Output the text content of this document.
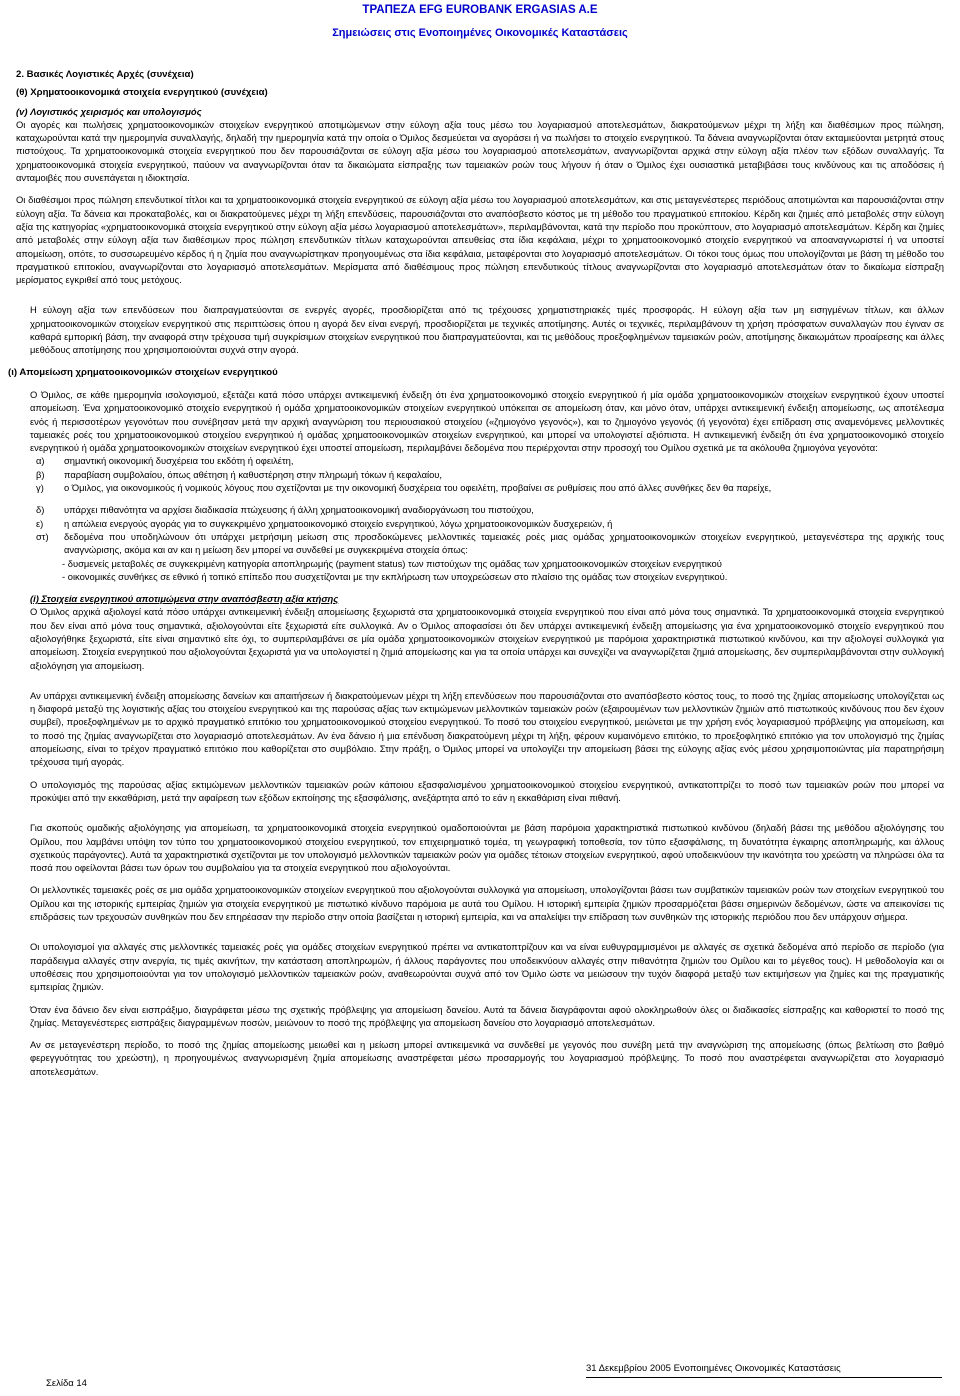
ΤΡΑΠΕΖΑ EFG EUROBANK ERGASIAS A.E
Σημειώσεις στις Ενοποιημένες Οικονομικές Καταστάσεις
2. Βασικές Λογιστικές Αρχές (συνέχεια)
(θ) Χρηματοοικονομικά στοιχεία ενεργητικού (συνέχεια)
(v) Λογιστικός χειρισμός και υπολογισμός

Οι αγορές και πωλήσεις χρηματοοικονομικών στοιχείων ενεργητικού αποτιμώμενων στην εύλογη αξία τους μέσω του λογαριασμού αποτελεσμάτων, διακρατούμενων μέχρι τη λήξη και διαθέσιμων προς πώληση, καταχωρούνται κατά την ημερομηνία συναλλαγής, δηλαδή την ημερομηνία κατά την οποία ο Όμιλος δεσμεύεται να αγοράσει ή να πωλήσει το στοιχείο ενεργητικού. Τα δάνεια αναγνωρίζονται όταν εκταμιεύονται μετρητά στους πιστούχους. Τα χρηματοοικονομικά στοιχεία ενεργητικού που δεν παρουσιάζονται σε εύλογη αξία μέσω του λογαριασμού αποτελεσμάτων, αναγνωρίζονται αρχικά στην εύλογη αξία πλέον των εξόδων συναλλαγής. Τα χρηματοοικονομικά στοιχεία ενεργητικού, παύουν να αναγνωρίζονται όταν τα δικαιώματα είσπραξης των ταμειακών ροών τους λήγουν ή όταν ο Όμιλος έχει ουσιαστικά μεταβιβάσει τους κινδύνους και τις αποδόσεις ή ανταμοιβές που συνεπάγεται η ιδιοκτησία.

Οι διαθέσιμοι προς πώληση επενδυτικοί τίτλοι και τα χρηματοοικονομικά στοιχεία ενεργητικού σε εύλογη αξία μέσω του λογαριασμού αποτελεσμάτων, και στις μεταγενέστερες περιόδους αποτιμώνται και παρουσιάζονται στην εύλογη αξία. Τα δάνεια και προκαταβολές, και οι διακρατούμενες μέχρι τη λήξη επενδύσεις, παρουσιάζονται στο αναπόσβεστο κόστος με τη μέθοδο του πραγματικού επιτοκίου. Κέρδη και ζημιές από μεταβολές στην εύλογη αξία της κατηγορίας «χρηματοοικονομικά στοιχεία ενεργητικού στην εύλογη αξία μέσω λογαριασμού αποτελεσμάτων», περιλαμβάνονται, κατά την περίοδο που προκύπτουν, στο λογαριασμό αποτελεσμάτων. Κέρδη και ζημίες από μεταβολές στην εύλογη αξία των διαθέσιμων προς πώληση επενδυτικών τίτλων καταχωρούνται απευθείας στα ίδια κεφάλαια, μέχρι το χρηματοοικονομικό στοιχείο ενεργητικού να αποαναγνωριστεί ή να υποστεί απομείωση, οπότε, το συσσωρευμένο κέρδος ή η ζημία που αναγνωρίστηκαν προηγουμένως στα ίδια κεφάλαια, μεταφέρονται στο λογαριασμό αποτελεσμάτων. Οι τόκοι τους όμως που υπολογίζονται με βάση τη μέθοδο του πραγματικού επιτοκίου, αναγνωρίζονται στο λογαριασμό αποτελεσμάτων. Μερίσματα από διαθέσιμους προς πώληση επενδυτικούς τίτλους αναγνωρίζονται στο λογαριασμό αποτελεσμάτων όταν το δικαίωμα είσπραξη μερίσματος εγκριθεί από τους μετόχους.

Η εύλογη αξία των επενδύσεων που διαπραγματεύονται σε ενεργές αγορές, προσδιορίζεται από τις τρέχουσες χρηματιστηριακές τιμές προσφοράς. Η εύλογη αξία των μη εισηγμένων τίτλων, και άλλων χρηματοοικονομικών στοιχείων ενεργητικού στις περιπτώσεις όπου η αγορά δεν είναι ενεργή, προσδιορίζεται με τεχνικές αποτίμησης. Αυτές οι τεχνικές, περιλαμβάνουν τη χρήση πρόσφατων συναλλαγών που έγιναν σε καθαρά εμπορική βάση, την αναφορά στην τρέχουσα τιμή συγκρίσιμων στοιχείων ενεργητικού που διαπραγματεύονται, και τις μεθόδους προεξοφλημένων ταμειακών ροών, αποτίμησης δικαιωμάτων προαίρεσης και άλλες μεθόδους αποτίμησης που χρησιμοποιούνται συχνά στην αγορά.

(ι) Απομείωση χρηματοοικονομικών στοιχείων ενεργητικού

Ο Όμιλος, σε κάθε ημερομηνία ισολογισμού, εξετάζει κατά πόσο υπάρχει αντικειμενική ένδειξη ότι ένα χρηματοοικονομικό στοιχείο ενεργητικού ή μία ομάδα χρηματοοικονομικών στοιχείων ενεργητικού έχουν υποστεί απομείωση. Ένα χρηματοοικονομικό στοιχείο ενεργητικού ή ομάδα χρηματοοικονομικών στοιχείων ενεργητικού υπόκειται σε απομείωση όταν, και μόνο όταν, υπάρχει αντικειμενική ένδειξη απομείωσης, ως αποτέλεσμα ενός ή περισσοτέρων γεγονότων που συνέβησαν μετά την αρχική αναγνώριση του περιουσιακού στοιχείου («ζημιογόνο γεγονός»), και το ζημιογόνο γεγονός (ή γεγονότα) έχει επίδραση στις αναμενόμενες μελλοντικές ταμειακές ροές του χρηματοοικονομικού στοιχείου ενεργητικού ή ομάδας χρηματοοικονομικών στοιχείων ενεργητικού, και μπορεί να υπολογιστεί αξιόπιστα. Η αντικειμενική ένδειξη ότι ένα χρηματοοικονομικό στοιχείο ενεργητικού ή ομάδα χρηματοοικονομικών στοιχείων ενεργητικού έχει υποστεί απομείωση, περιλαμβάνει δεδομένα που περιέρχονται στην προσοχή του Ομίλου σχετικά με τα ακόλουθα ζημιογόνα γεγονότα:

α)	σημαντική οικονομική δυσχέρεια του εκδότη ή οφειλέτη,
β)	παραβίαση συμβολαίου, όπως αθέτηση ή καθυστέρηση στην πληρωμή τόκων ή κεφαλαίου,
γ)	ο Όμιλος, για οικονομικούς ή νομικούς λόγους που σχετίζονται με την οικονομική δυσχέρεια του οφειλέτη, προβαίνει σε ρυθμίσεις που από άλλες συνθήκες δεν θα παρείχε,
δ)	υπάρχει πιθανότητα να αρχίσει διαδικασία πτώχευσης ή άλλη χρηματοοικονομική αναδιοργάνωση του πιστούχου,
ε)	η απώλεια ενεργούς αγοράς για το συγκεκριμένο χρηματοοικονομικό στοιχείο ενεργητικού, λόγω χρηματοοικονομικών δυσχερειών, ή
στ)	δεδομένα που υποδηλώνουν ότι υπάρχει μετρήσιμη μείωση στις προσδοκώμενες μελλοντικές ταμειακές ροές μιας ομάδας χρηματοοικονομικών στοιχείων ενεργητικού, μεταγενέστερα της αρχικής τους αναγνώρισης, ακόμα και αν και η μείωση δεν μπορεί να συνδεθεί με συγκεκριμένα στοιχεία όπως:
- δυσμενείς μεταβολές σε συγκεκριμένη κατηγορία αποπληρωμής (payment status) των πιστούχων της ομάδας των χρηματοοικονομικών στοιχείων ενεργητικού
- οικονομικές συνθήκες σε εθνικό ή τοπικό επίπεδο που συσχετίζονται με την εκπλήρωση των υποχρεώσεων στο πλαίσιο της ομάδας των στοιχείων ενεργητικού.
(i) Στοιχεία ενεργητικού αποτιμώμενα στην αναπόσβεστη αξία κτήσης

Ο Όμιλος αρχικά αξιολογεί κατά πόσο υπάρχει αντικειμενική ένδειξη απομείωσης ξεχωριστά στα χρηματοοικονομικά στοιχεία ενεργητικού που είναι από μόνα τους σημαντικά. Τα χρηματοοικονομικά στοιχεία ενεργητικού που δεν είναι από μόνα τους σημαντικά, αξιολογούνται είτε ξεχωριστά είτε συλλογικά. Αν ο Όμιλος αποφασίσει ότι δεν υπάρχει αντικειμενική ένδειξη απομείωσης για ένα χρηματοοικονομικό στοιχείο ενεργητικού που αξιολογήθηκε ξεχωριστά, είτε είναι σημαντικό είτε όχι, το συμπεριλαμβάνει σε μία ομάδα χρηματοοικονομικών στοιχείων ενεργητικού με παρόμοια χαρακτηριστικά πιστωτικού κινδύνου, και την αξιολογεί συλλογικά για απομείωση. Στοιχεία ενεργητικού που αξιολογούνται ξεχωριστά για να υπολογιστεί η ζημιά απομείωσης και για τα οποία υπάρχει και συνεχίζει να αναγνωρίζεται ζημιά απομείωσης, δεν συμπεριλαμβάνονται στην συλλογική αξιολόγηση για απομείωση.

Αν υπάρχει αντικειμενική ένδειξη απομείωσης δανείων και απαιτήσεων ή διακρατούμενων μέχρι τη λήξη επενδύσεων που παρουσιάζονται στο αναπόσβεστο κόστος τους, το ποσό της ζημίας απομείωσης υπολογίζεται ως η διαφορά μεταξύ της λογιστικής αξίας του στοιχείου ενεργητικού και της παρούσας αξίας των εκτιμώμενων μελλοντικών ταμειακών ροών (εξαιρουμένων των μελλοντικών ζημιών από πιστωτικούς κινδύνους που δεν έχουν συμβεί), προεξοφλημένων με το αρχικό πραγματικό επιτόκιο του χρηματοοικονομικού στοιχείου ενεργητικού. Το ποσό του στοιχείου ενεργητικού, μειώνεται με την χρήση ενός λογαριασμού πρόβλεψης για απομείωση, και το ποσό της ζημίας αναγνωρίζεται στο λογαριασμό αποτελεσμάτων. Αν ένα δάνειο ή μια επένδυση διακρατούμενη μέχρι τη λήξη, φέρουν κυμαινόμενο επιτόκιο, το προεξοφλητικό επιτόκιο για τον υπολογισμό της ζημίας απομείωσης, είναι το τρέχον πραγματικό επιτόκιο που καθορίζεται στο συμβόλαιο. Στην πράξη, ο Όμιλος μπορεί να υπολογίζει την απομείωση βάσει της εύλογης αξίας ενός μέσου χρησιμοποιώντας μία παρατηρήσιμη τρέχουσα τιμή αγοράς.

Ο υπολογισμός της παρούσας αξίας εκτιμώμενων μελλοντικών ταμειακών ροών κάποιου εξασφαλισμένου χρηματοοικονομικού στοιχείου ενεργητικού, αντικατοπτρίζει το ποσό των ταμειακών ροών που μπορεί να προκύψει από την εκκαθάριση, μετά την αφαίρεση των εξόδων εκποίησης της εξασφάλισης, ανεξάρτητα από το εάν η εκκαθάριση είναι πιθανή.

Για σκοπούς ομαδικής αξιολόγησης για απομείωση, τα χρηματοοικονομικά στοιχεία ενεργητικού ομαδοποιούνται με βάση παρόμοια χαρακτηριστικά πιστωτικού κινδύνου (δηλαδή βάσει της μεθόδου αξιολόγησης του Ομίλου, που λαμβάνει υπόψη τον τύπο του χρηματοοικονομικού στοιχείου ενεργητικού, τον επιχειρηματικό τομέα, τη γεωγραφική τοποθεσία, τον τύπο εξασφάλισης, τη δυνατότητα έγκαιρης αποπληρωμής, και άλλους σχετικούς παράγοντες). Αυτά τα χαρακτηριστικά σχετίζονται με τον υπολογισμό μελλοντικών ταμειακών ροών για ομάδες τέτοιων στοιχείων ενεργητικού, αφού υποδεικνύουν την ικανότητα του χρεώστη να πληρώσει όλα τα ποσά που οφείλονται βάσει των όρων του συμβολαίου για τα στοιχεία ενεργητικού που αξιολογούνται.

Οι μελλοντικές ταμειακές ροές σε μια ομάδα χρηματοοικονομικών στοιχείων ενεργητικού που αξιολογούνται συλλογικά για απομείωση, υπολογίζονται βάσει των συμβατικών ταμειακών ροών των στοιχείων ενεργητικού του Ομίλου και της ιστορικής εμπειρίας ζημιών για στοιχεία ενεργητικού με πιστωτικό κίνδυνο παρόμοια με αυτά του Ομίλου. Η ιστορική εμπειρία ζημιών προσαρμόζεται βάσει σημερινών δεδομένων, ώστε να απεικονίσει τις επιδράσεις των τρεχουσών συνθηκών που δεν επηρέασαν την περίοδο στην οποία βασίζεται η ιστορική εμπειρία, και να απαλείψει την επίδραση των συνθηκών της ιστορικής περιόδου που δεν υπάρχουν σήμερα.

Οι υπολογισμοί για αλλαγές στις μελλοντικές ταμειακές ροές για ομάδες στοιχείων ενεργητικού πρέπει να αντικατοπτρίζουν και να είναι ευθυγραμμισμένοι με αλλαγές σε σχετικά δεδομένα από περίοδο σε περίοδο (για παράδειγμα αλλαγές στην ανεργία, τις τιμές ακινήτων, την κατάσταση αποπληρωμών, ή άλλους παράγοντες που υποδεικνύουν αλλαγές στην πιθανότητα ζημιών του Ομίλου και το μέγεθος τους). Η μεθοδολογία και οι υποθέσεις που χρησιμοποιούνται για τον υπολογισμό μελλοντικών ταμειακών ροών, αναθεωρούνται συχνά από τον Όμιλο ώστε να μειώσουν την τυχόν διαφορά μεταξύ των εκτιμήσεων για ζημίες και της πραγματικής εμπειρίας ζημιών.

Όταν ένα δάνειο δεν είναι εισπράξιμο, διαγράφεται μέσω της σχετικής πρόβλεψης για απομείωση δανείου. Αυτά τα δάνεια διαγράφονται αφού ολοκληρωθούν όλες οι διαδικασίες είσπραξης και καθοριστεί το ποσό της ζημίας. Μεταγενέστερες εισπράξεις διαγραμμένων ποσών, μειώνουν το ποσό της πρόβλεψης για απομείωση δανείου στο λογαριασμό αποτελεσμάτων.

Αν σε μεταγενέστερη περίοδο, το ποσό της ζημίας απομείωσης μειωθεί και η μείωση μπορεί αντικειμενικά να συνδεθεί με γεγονός που συνέβη μετά την αναγνώριση της απομείωσης (όπως βελτίωση στο βαθμό φερεγγυότητας του χρεώστη), η προηγουμένως αναγνωρισμένη ζημία απομείωσης αναστρέφεται μέσω προσαρμογής του λογαριασμού πρόβλεψης. Το ποσό που αναστρέφεται αναγνωρίζεται στο λογαριασμό αποτελεσμάτων.

31 Δεκεμβρίου 2005 Ενοποιημένες Οικονομικές Καταστάσεις
Σελίδα 14
